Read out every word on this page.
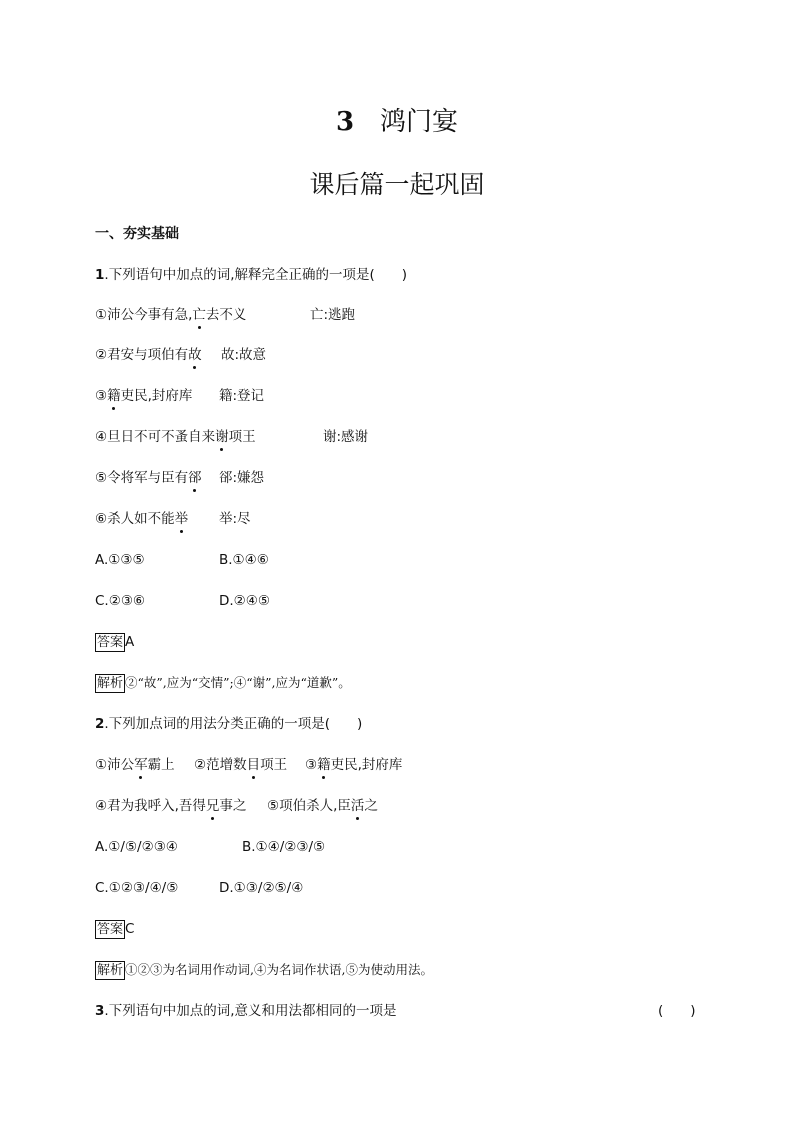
3 鸿门宴
课后篇一起巩固
一、夯实基础
1.下列语句中加点的词,解释完全正确的一项是(　　)
①沛公今事有急,亡去不义	亡:逃跑
②君安与项伯有故 故:故意
③籍吏民,封府库 籍:登记
④旦日不可不蚤自来谢项王	谢:感谢
⑤令将军与臣有郤 郤:嫌怨
⑥杀人如不能举 举:尽
A.①③⑤	B.①④⑥
C.②③⑥	D.②④⑤
答案 A
解析 ②“故”,应为“交情”;④“谢”,应为“道歉”。
2.下列加点词的用法分类正确的一项是(　　)
①沛公军霸上 ②范增数目项王 ③籍吏民,封府库
④君为我呼入,吾得兄事之 ⑤项伯杀人,臣活之
A.①/⑤/②③④	B.①④/②③/⑤
C.①②③/④/⑤	D.①③/②⑤/④
答案 C
解析 ①②③为名词用作动词,④为名词作状语,⑤为使动用法。
3.下列语句中加点的词,意义和用法都相同的一项是	(　　)
